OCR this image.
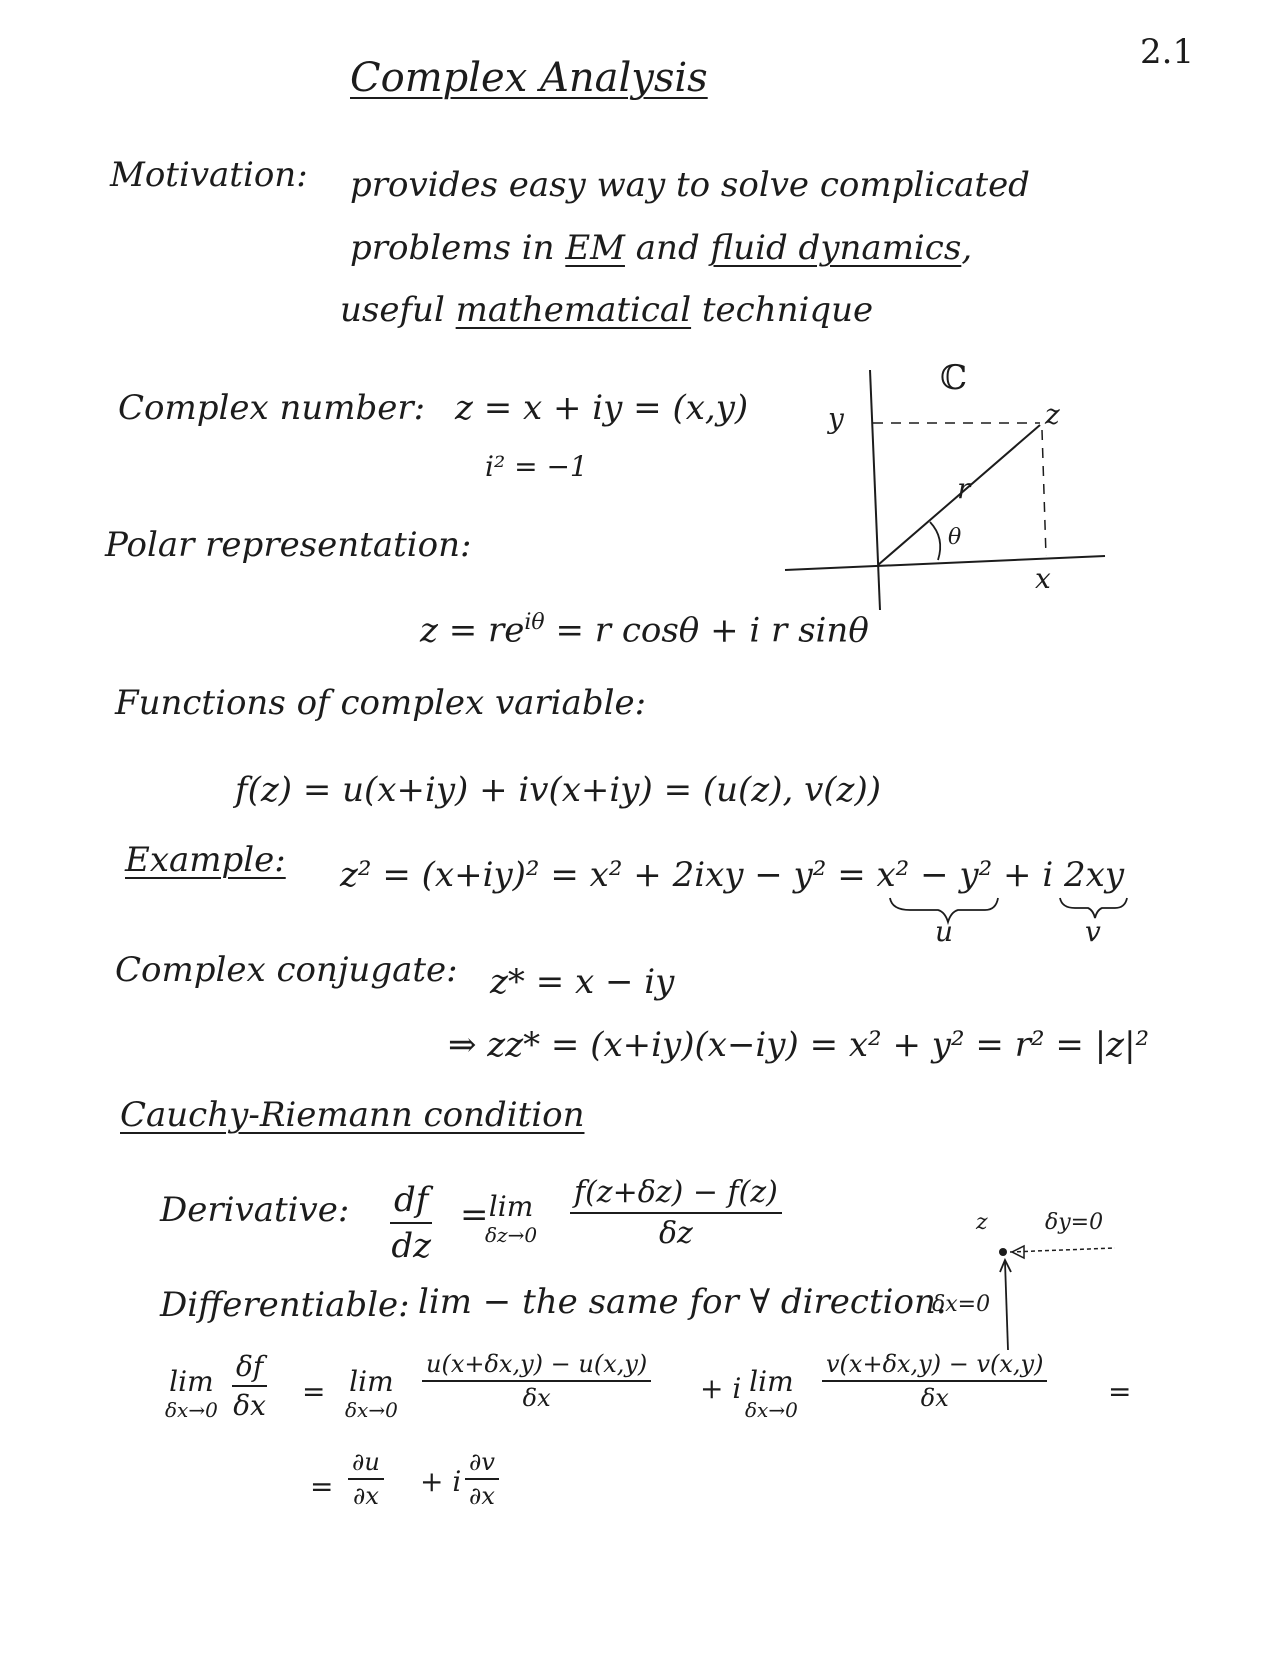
2.1
Complex Analysis
Motivation: provides easy way to solve complicated
problems in EM and fluid dynamics,
useful mathematical technique
Complex number: z = x + iy = (x,y)
i² = −1
ℂ
y	z
r
θ
x
Polar representation:
$z = re^{i\theta} = r$ cosθ + i r sinθ
Functions of complex variable:
f(z) = u(x+iy) + iv(x+iy) = (u(z), v(z))
Example: z² = (x+iy)² = x² + 2ixy − y² = x² − y² + i 2xy
u	v
Complex conjugate: z* = x − iy
⇒ zz* = (x+iy)(x−iy) = x² + y² = r² = |z|²
Cauchy-Riemann condition
Derivative: $\frac{df}{dz} = \lim$
$\delta z\to 0 \frac{f(z+\delta z) - f(z)}{\delta z}$	z	δy=0
δx=0
Differentiable: lim − the same for ∀ direction.
lim
$\delta x\to 0 \frac{\delta f}{\delta x} = \lim$
$\delta x\to 0 \frac{u(x+\delta x,y) - u(x,y)}{\delta x} + i$ lim
$\delta x\to 0 \frac{v(x+\delta x,y) - v(x,y)}{\delta x}$ =
= $\frac{\partial u}{\partial x} + i \frac{\partial v}{\partial x}$
